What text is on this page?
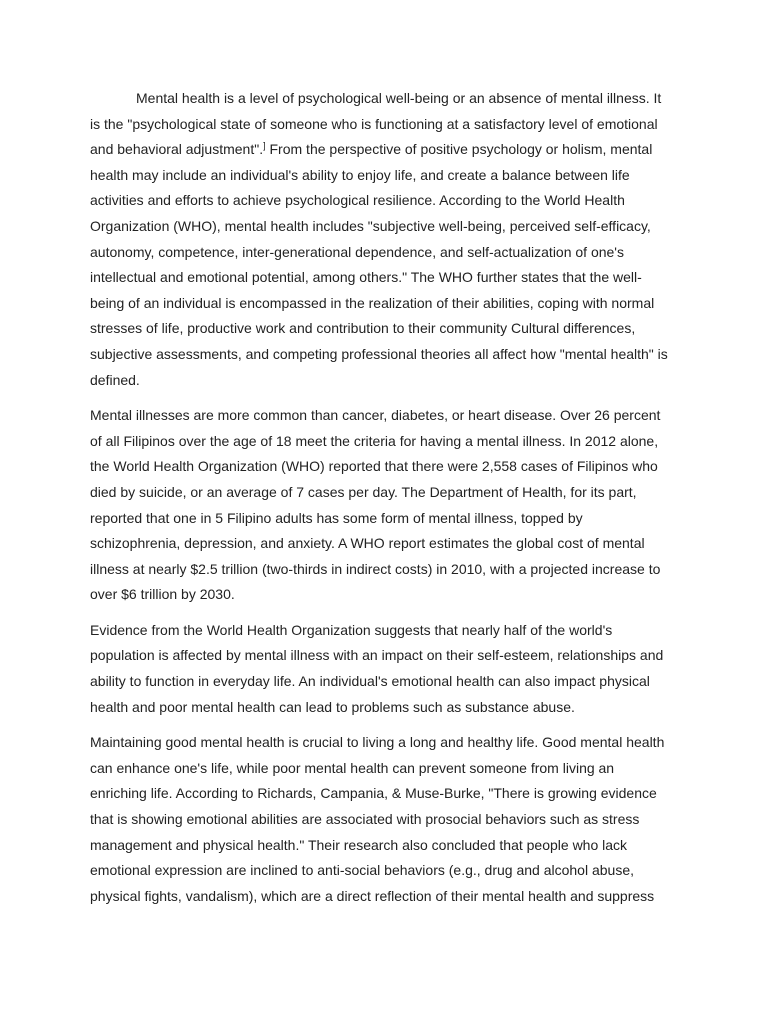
Mental health is a level of psychological well-being or an absence of mental illness. It is the "psychological state of someone who is functioning at a satisfactory level of emotional and behavioral adjustment".] From the perspective of positive psychology or holism, mental health may include an individual's ability to enjoy life, and create a balance between life activities and efforts to achieve psychological resilience. According to the World Health Organization (WHO), mental health includes "subjective well-being, perceived self-efficacy, autonomy, competence, inter-generational dependence, and self-actualization of one's intellectual and emotional potential, among others." The WHO further states that the well-being of an individual is encompassed in the realization of their abilities, coping with normal stresses of life, productive work and contribution to their community Cultural differences, subjective assessments, and competing professional theories all affect how "mental health" is defined.

Mental illnesses are more common than cancer, diabetes, or heart disease. Over 26 percent of all Filipinos over the age of 18 meet the criteria for having a mental illness. In 2012 alone, the World Health Organization (WHO) reported that there were 2,558 cases of Filipinos who died by suicide, or an average of 7 cases per day. The Department of Health, for its part, reported that one in 5 Filipino adults has some form of mental illness, topped by schizophrenia, depression, and anxiety. A WHO report estimates the global cost of mental illness at nearly $2.5 trillion (two-thirds in indirect costs) in 2010, with a projected increase to over $6 trillion by 2030.

Evidence from the World Health Organization suggests that nearly half of the world's population is affected by mental illness with an impact on their self-esteem, relationships and ability to function in everyday life. An individual's emotional health can also impact physical health and poor mental health can lead to problems such as substance abuse.

Maintaining good mental health is crucial to living a long and healthy life. Good mental health can enhance one's life, while poor mental health can prevent someone from living an enriching life. According to Richards, Campania, & Muse-Burke, "There is growing evidence that is showing emotional abilities are associated with prosocial behaviors such as stress management and physical health." Their research also concluded that people who lack emotional expression are inclined to anti-social behaviors (e.g., drug and alcohol abuse, physical fights, vandalism), which are a direct reflection of their mental health and suppress
